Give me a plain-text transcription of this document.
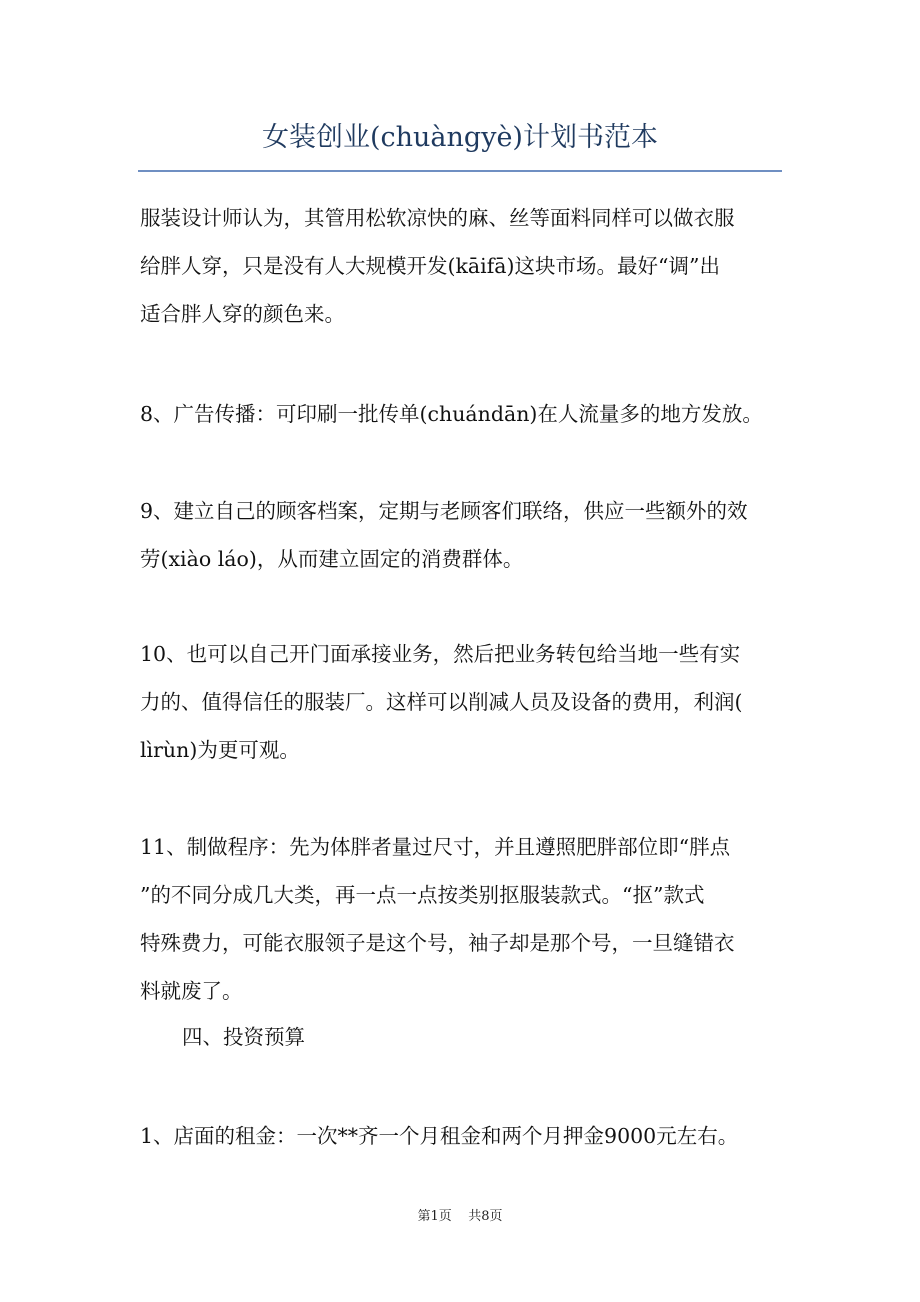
女装创业(chuàngyè)计划书范本
服装设计师认为，其管用松软凉快的麻、丝等面料同样可以做衣服
给胖人穿，只是没有人大规模开发(kāifā)这块市场。最好“调”出
适合胖人穿的颜色来。
8、广告传播：可印刷一批传单(chuándān)在人流量多的地方发放。
9、建立自己的顾客档案，定期与老顾客们联络，供应一些额外的效
劳(xiào láo)，从而建立固定的消费群体。
10、也可以自己开门面承接业务，然后把业务转包给当地一些有实
力的、值得信任的服装厂。这样可以削减人员及设备的费用，利润(
lìrùn)为更可观。
11、制做程序：先为体胖者量过尺寸，并且遵照肥胖部位即“胖点
”的不同分成几大类，再一点一点按类别抠服装款式。“抠”款式
特殊费力，可能衣服领子是这个号，袖子却是那个号，一旦缝错衣
料就废了。
四、投资预算
1、店面的租金：一次**齐一个月租金和两个月押金9000元左右。
第1页 共8页
